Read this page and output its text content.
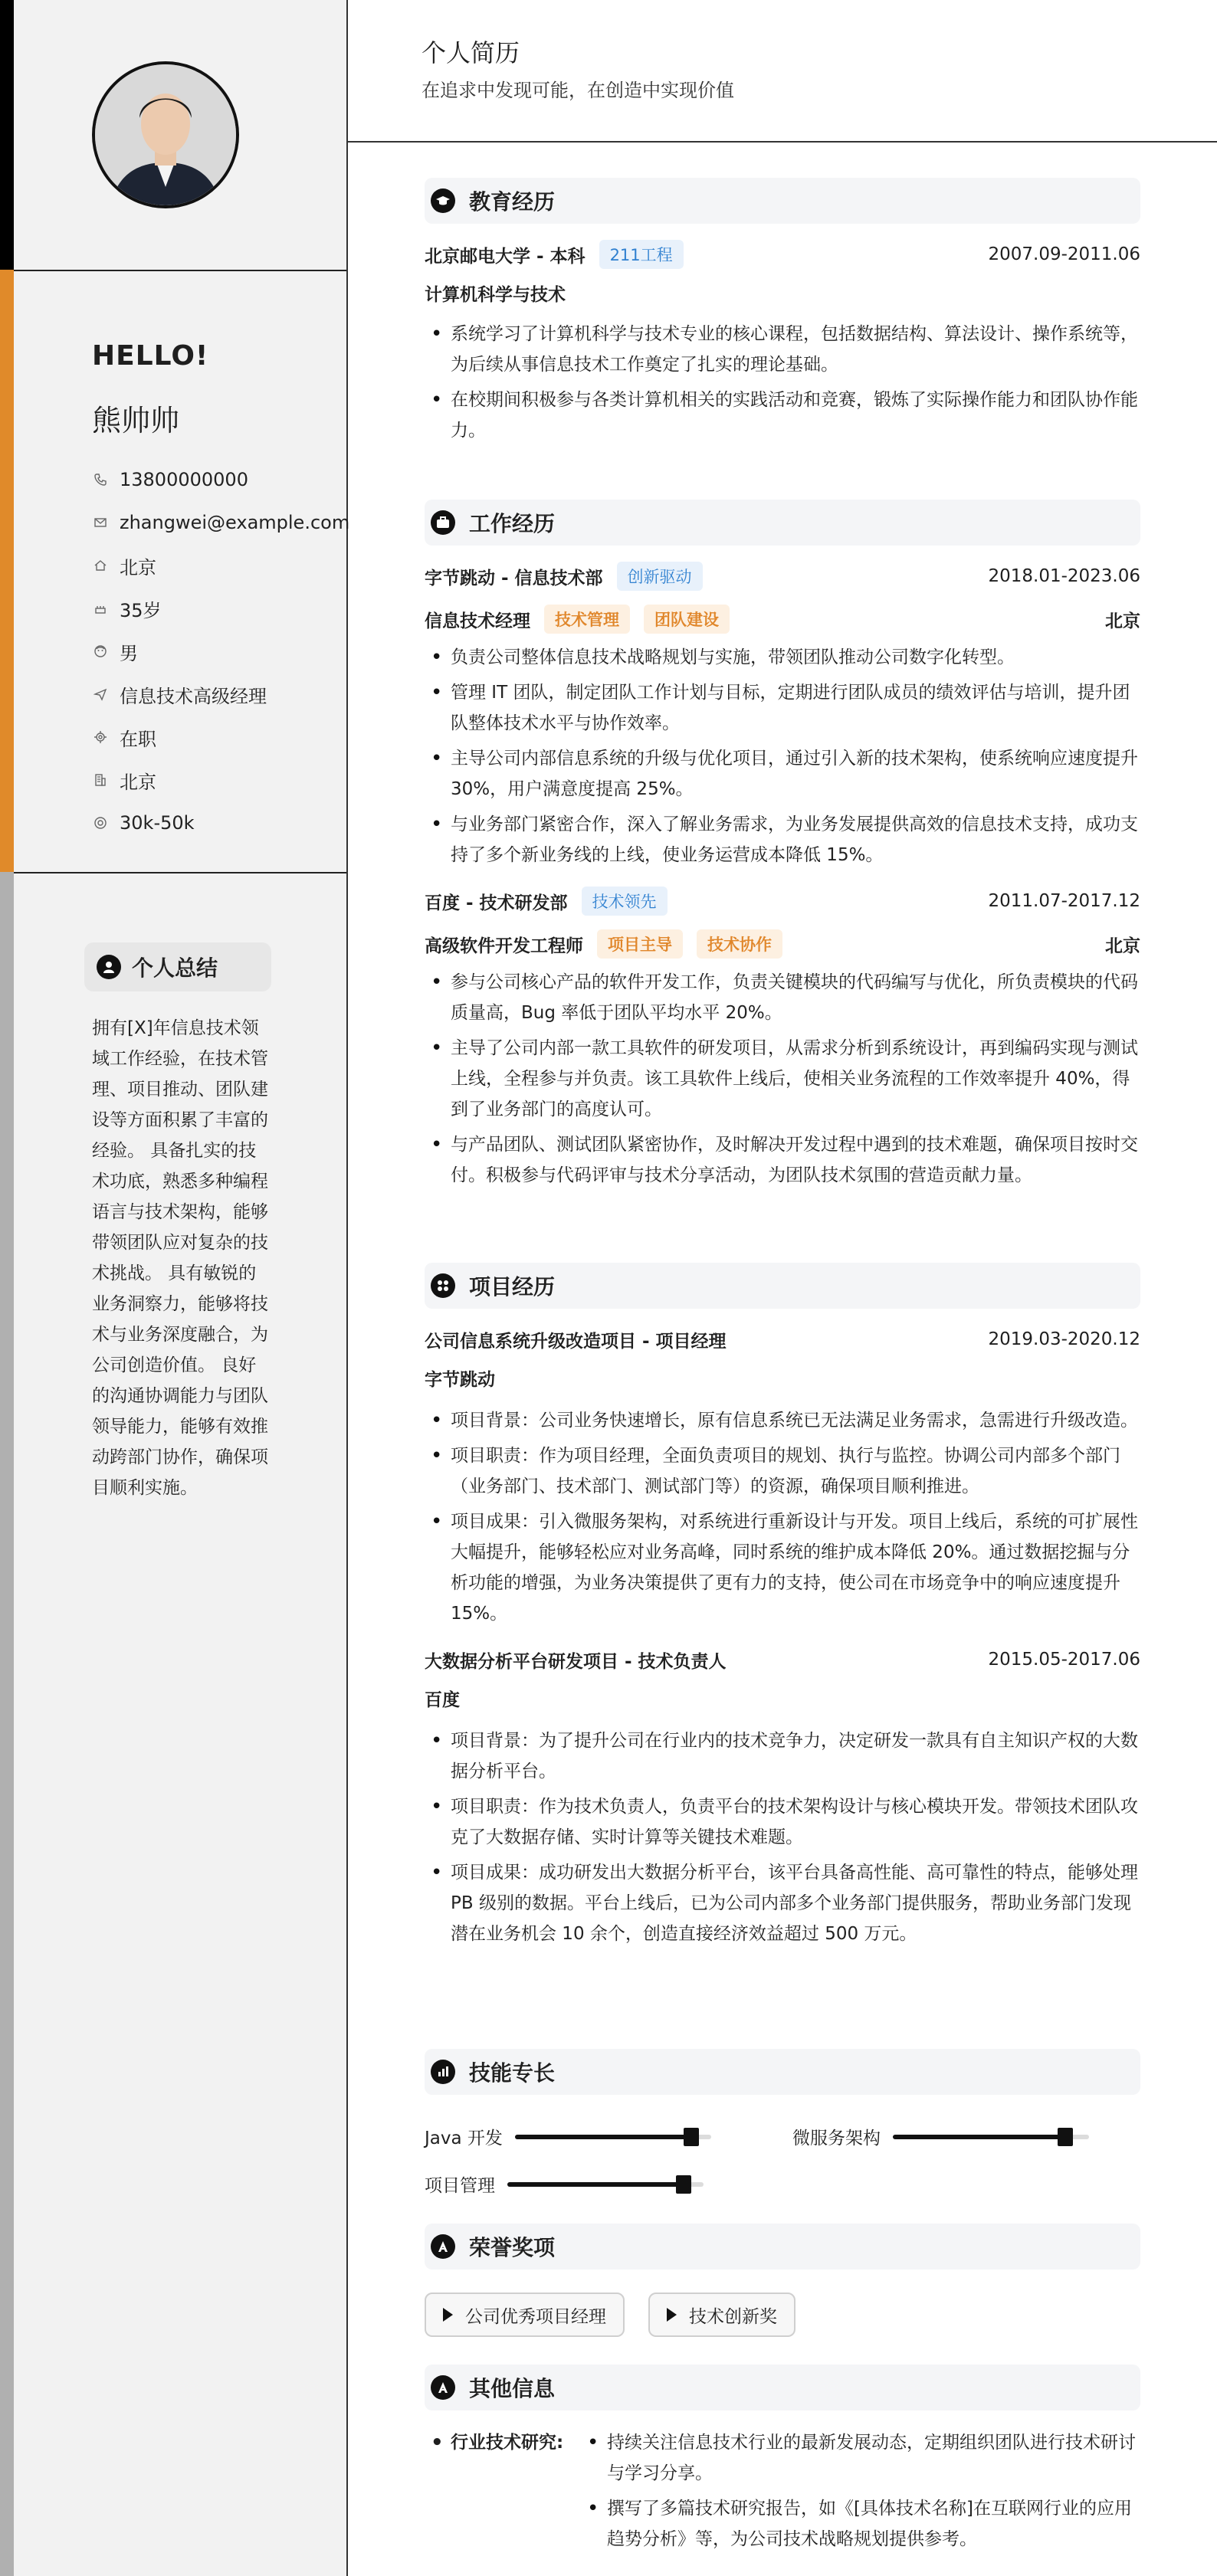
HELLO!
熊帅帅
13800000000
zhangwei@example.com
北京
35岁
男
信息技术高级经理
在职
北京
30k-50k
个人总结
拥有[X]年信息技术领域工作经验，在技术管理、项目推动、团队建设等方面积累了丰富的经验。 具备扎实的技术功底，熟悉多种编程语言与技术架构，能够带领团队应对复杂的技术挑战。 具有敏锐的业务洞察力，能够将技术与业务深度融合，为公司创造价值。 良好的沟通协调能力与团队领导能力，能够有效推动跨部门协作，确保项目顺利实施。
个人简历
在追求中发现可能，在创造中实现价值
教育经历
北京邮电大学 - 本科	211工程	2007.09-2011.06
计算机科学与技术
• 系统学习了计算机科学与技术专业的核心课程，包括数据结构、算法设计、操作系统等，为后续从事信息技术工作奠定了扎实的理论基础。
• 在校期间积极参与各类计算机相关的实践活动和竞赛，锻炼了实际操作能力和团队协作能力。
工作经历
字节跳动 - 信息技术部	创新驱动	2018.01-2023.06
信息技术经理	技术管理	团队建设	北京
• 负责公司整体信息技术战略规划与实施，带领团队推动公司数字化转型。
• 管理 IT 团队，制定团队工作计划与目标，定期进行团队成员的绩效评估与培训，提升团队整体技术水平与协作效率。
• 主导公司内部信息系统的升级与优化项目，通过引入新的技术架构，使系统响应速度提升 30%，用户满意度提高 25%。
• 与业务部门紧密合作，深入了解业务需求，为业务发展提供高效的信息技术支持，成功支持了多个新业务线的上线，使业务运营成本降低 15%。
百度 - 技术研发部	技术领先	2011.07-2017.12
高级软件开发工程师	项目主导	技术协作	北京
• 参与公司核心产品的软件开发工作，负责关键模块的代码编写与优化，所负责模块的代码质量高，Bug 率低于团队平均水平 20%。
• 主导了公司内部一款工具软件的研发项目，从需求分析到系统设计，再到编码实现与测试上线，全程参与并负责。该工具软件上线后，使相关业务流程的工作效率提升 40%，得到了业务部门的高度认可。
• 与产品团队、测试团队紧密协作，及时解决开发过程中遇到的技术难题，确保项目按时交付。积极参与代码评审与技术分享活动，为团队技术氛围的营造贡献力量。
项目经历
公司信息系统升级改造项目 - 项目经理	2019.03-2020.12
字节跳动
• 项目背景：公司业务快速增长，原有信息系统已无法满足业务需求，急需进行升级改造。
• 项目职责：作为项目经理，全面负责项目的规划、执行与监控。协调公司内部多个部门（业务部门、技术部门、测试部门等）的资源，确保项目顺利推进。
• 项目成果：引入微服务架构，对系统进行重新设计与开发。项目上线后，系统的可扩展性大幅提升，能够轻松应对业务高峰，同时系统的维护成本降低 20%。通过数据挖掘与分析功能的增强，为业务决策提供了更有力的支持，使公司在市场竞争中的响应速度提升 15%。
大数据分析平台研发项目 - 技术负责人	2015.05-2017.06
百度
• 项目背景：为了提升公司在行业内的技术竞争力，决定研发一款具有自主知识产权的大数据分析平台。
• 项目职责：作为技术负责人，负责平台的技术架构设计与核心模块开发。带领技术团队攻克了大数据存储、实时计算等关键技术难题。
• 项目成果：成功研发出大数据分析平台，该平台具备高性能、高可靠性的特点，能够处理 PB 级别的数据。平台上线后，已为公司内部多个业务部门提供服务，帮助业务部门发现潜在业务机会 10 余个，创造直接经济效益超过 500 万元。
技能专长
Java 开发	微服务架构
项目管理
荣誉奖项
公司优秀项目经理	技术创新奖
其他信息
• 行业技术研究:
•	持续关注信息技术行业的最新发展动态，定期组织团队进行技术研讨与学习分享。
• 撰写了多篇技术研究报告，如《[具体技术名称]在互联网行业的应用趋势分析》等，为公司技术战略规划提供参考。
